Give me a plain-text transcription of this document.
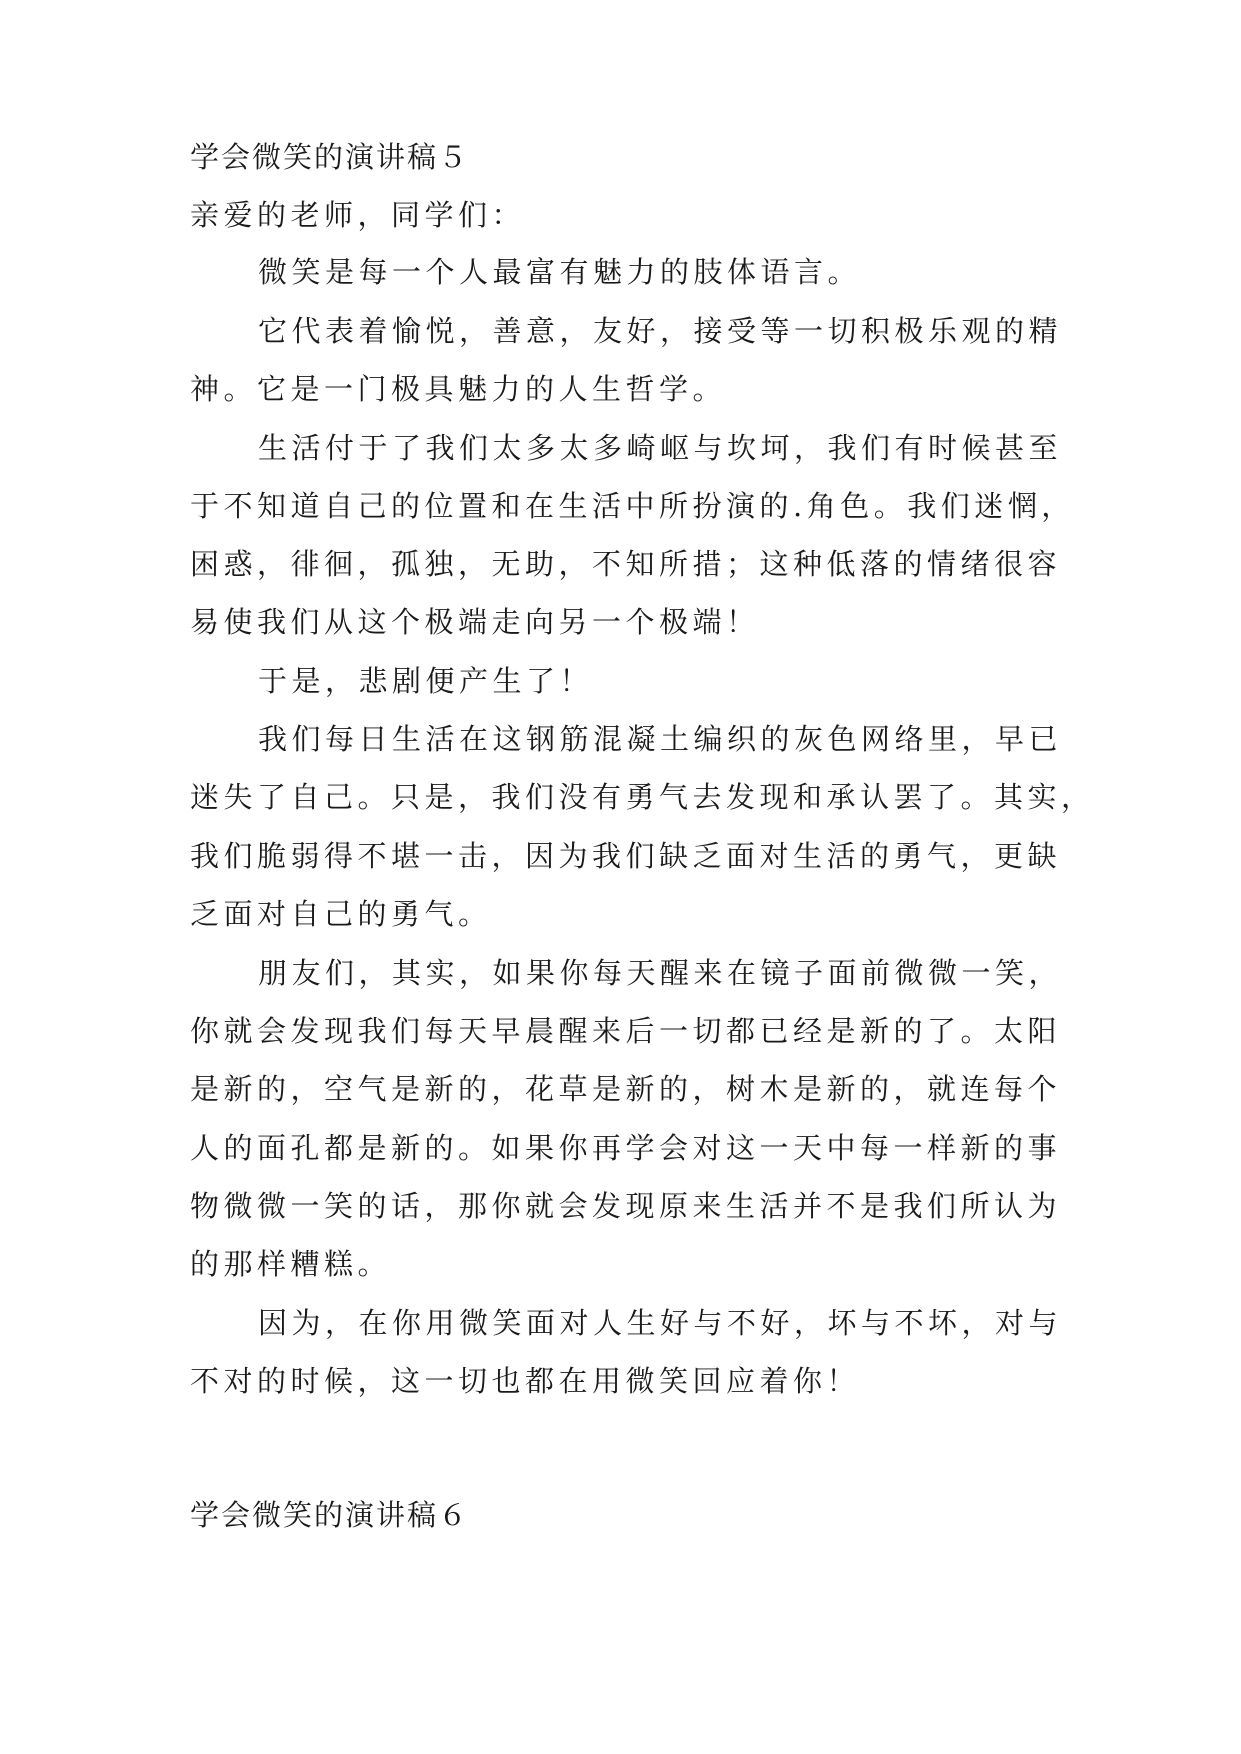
学会微笑的演讲稿５
亲爱的老师，同学们：
微笑是每一个人最富有魅力的肢体语言。
它代表着愉悦，善意，友好，接受等一切积极乐观的精
神。它是一门极具魅力的人生哲学。
生活付于了我们太多太多崎岖与坎坷，我们有时候甚至
于不知道自己的位置和在生活中所扮演的.角色。我们迷惘，
困惑，徘徊，孤独，无助，不知所措；这种低落的情绪很容
易使我们从这个极端走向另一个极端！
于是，悲剧便产生了！
我们每日生活在这钢筋混凝土编织的灰色网络里，早已
迷失了自己。只是，我们没有勇气去发现和承认罢了。其实，
我们脆弱得不堪一击，因为我们缺乏面对生活的勇气，更缺
乏面对自己的勇气。
朋友们，其实，如果你每天醒来在镜子面前微微一笑，
你就会发现我们每天早晨醒来后一切都已经是新的了。太阳
是新的，空气是新的，花草是新的，树木是新的，就连每个
人的面孔都是新的。如果你再学会对这一天中每一样新的事
物微微一笑的话，那你就会发现原来生活并不是我们所认为
的那样糟糕。
因为，在你用微笑面对人生好与不好，坏与不坏，对与
不对的时候，这一切也都在用微笑回应着你！
学会微笑的演讲稿６
